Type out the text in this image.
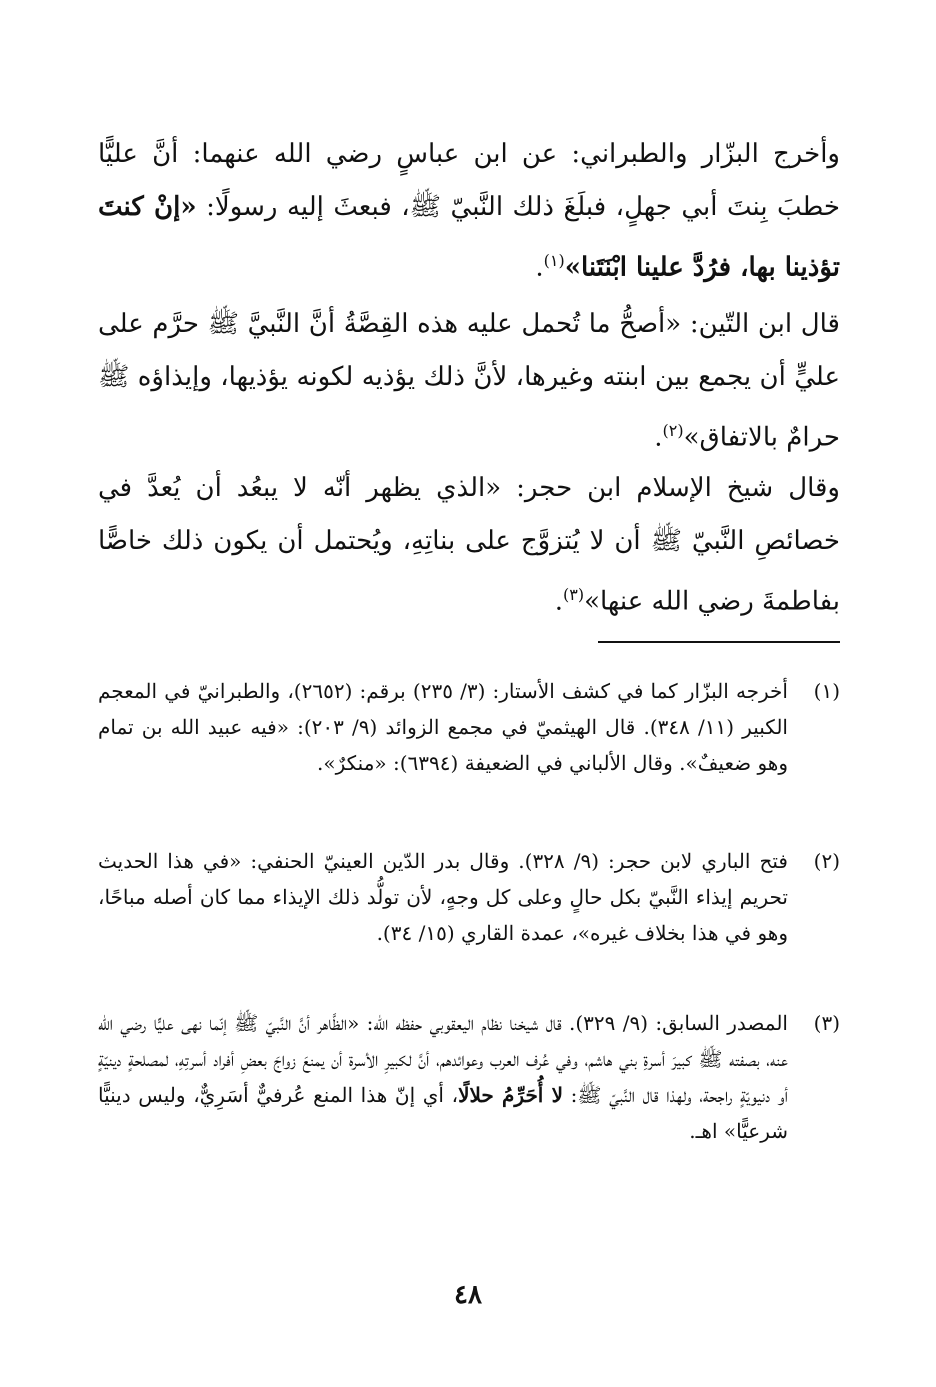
وأخرج البزّار والطبراني: عن ابن عباسٍ رضي الله عنهما: أنَّ عليًّا خطبَ بِنتَ أبي جهلٍ، فبلَغَ ذلك النَّبيّ ﷺ، فبعثَ إليه رسولًا: «إنْ كنتَ تؤذينا بها، فرُدَّ علينا ابْنَتَنا»$^{(١)}$.

قال ابن التّين: «أصحُّ ما تُحمل عليه هذه القِصَّةُ أنَّ النَّبيَّ ﷺ حرَّم على عليٍّ أن يجمع بين ابنته وغيرها، لأنَّ ذلك يؤذيه لكونه يؤذيها، وإيذاؤه ﷺ حرامٌ بالاتفاق»$^{(٢)}$.

وقال شيخ الإسلام ابن حجر: «الذي يظهر أنّه لا يبعُد أن يُعدَّ في خصائصِ النَّبيّ ﷺ أن لا يُتزوَّج على بناتِهِ، ويُحتمل أن يكون ذلك خاصًّا بفاطمةَ رضي الله عنها»$^{(٣)}$.

(١)
أخرجه البزّار كما في كشف الأستار: (٣/ ٢٣٥) برقم: (٢٦٥٢)، والطبرانيّ في المعجم الكبير (١١/ ٣٤٨). قال الهيثميّ في مجمع الزوائد (٩/ ٢٠٣): «فيه عبيد الله بن تمام وهو ضعيفٌ». وقال الألباني في الضعيفة (٦٣٩٤): «منكرٌ».
(٢)
فتح الباري لابن حجر: (٩/ ٣٢٨). وقال بدر الدّين العينيّ الحنفي: «في هذا الحديث تحريم إيذاء النَّبيّ بكل حالٍ وعلى كل وجهٍ، لأن تولُّد ذلك الإيذاء مما كان أصله مباحًا، وهو في هذا بخلاف غيره»، عمدة القاري (١٥/ ٣٤).
(٣)
المصدر السابق: (٩/ ٣٢٩). قال شيخنا نظام اليعقوبي حفظه الله: «الظَّاهر أنَّ النَّبيّ ﷺ إنّما نهى عليًّا رضي الله عنه، بصفته ﷺ كبيرَ أسرةِ بني هاشم، وفي عُرف العرب وعوائدهم، أنَّ لكبيرِ الأسرة أن يمنعَ زواجَ بعضِ أفراد أسرتِهِ، لمصلحةٍ دينيّةٍ أو دنيويّةٍ راجحة، ولهذا قال النَّبيّ ﷺ: لا أُحَرِّمُ حلالًا، أي إنّ هذا المنع عُرفيٌّ أسَرِيٌّ، وليس دينيًّا شرعيًّا» اهـ.
٤٨
